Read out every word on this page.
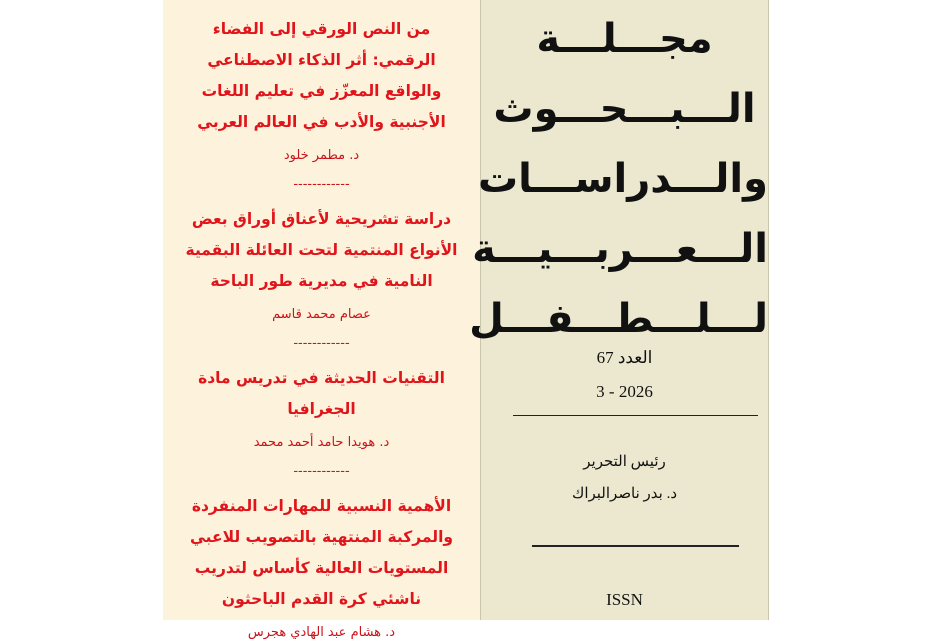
من النص الورقي إلى الفضاء الرقمي: أثر الذكاء الاصطناعي والواقع المعزّز في تعليم اللغات الأجنبية والأدب في العالم العربي
د. مطمر خلود
------------
دراسة تشريحية لأعناق أوراق بعض الأنواع المنتمية لتحت العائلة البقمية النامية في مديرية طور الباحة
عصام محمد قاسم
------------
التقنيات الحديثة في تدريس مادة الجغرافيا
د. هويدا حامد أحمد محمد
------------
الأهمية النسبية للمهارات المنفردة والمركبة المنتهية بالتصويب للاعبي المستويات العالية كأساس لتدريب ناشئي كرة القدم الباحثون
د. هشام عبد الهادي هجرس
مجـــلـــة
الـــبـــحـــوث
والـــدراســـات
الـــعـــربـــيـــة
لـــلـــطـــفـــل
العدد 67
3 - 2026
رئيس التحرير
د. بدر ناصرالبراك
ISSN
